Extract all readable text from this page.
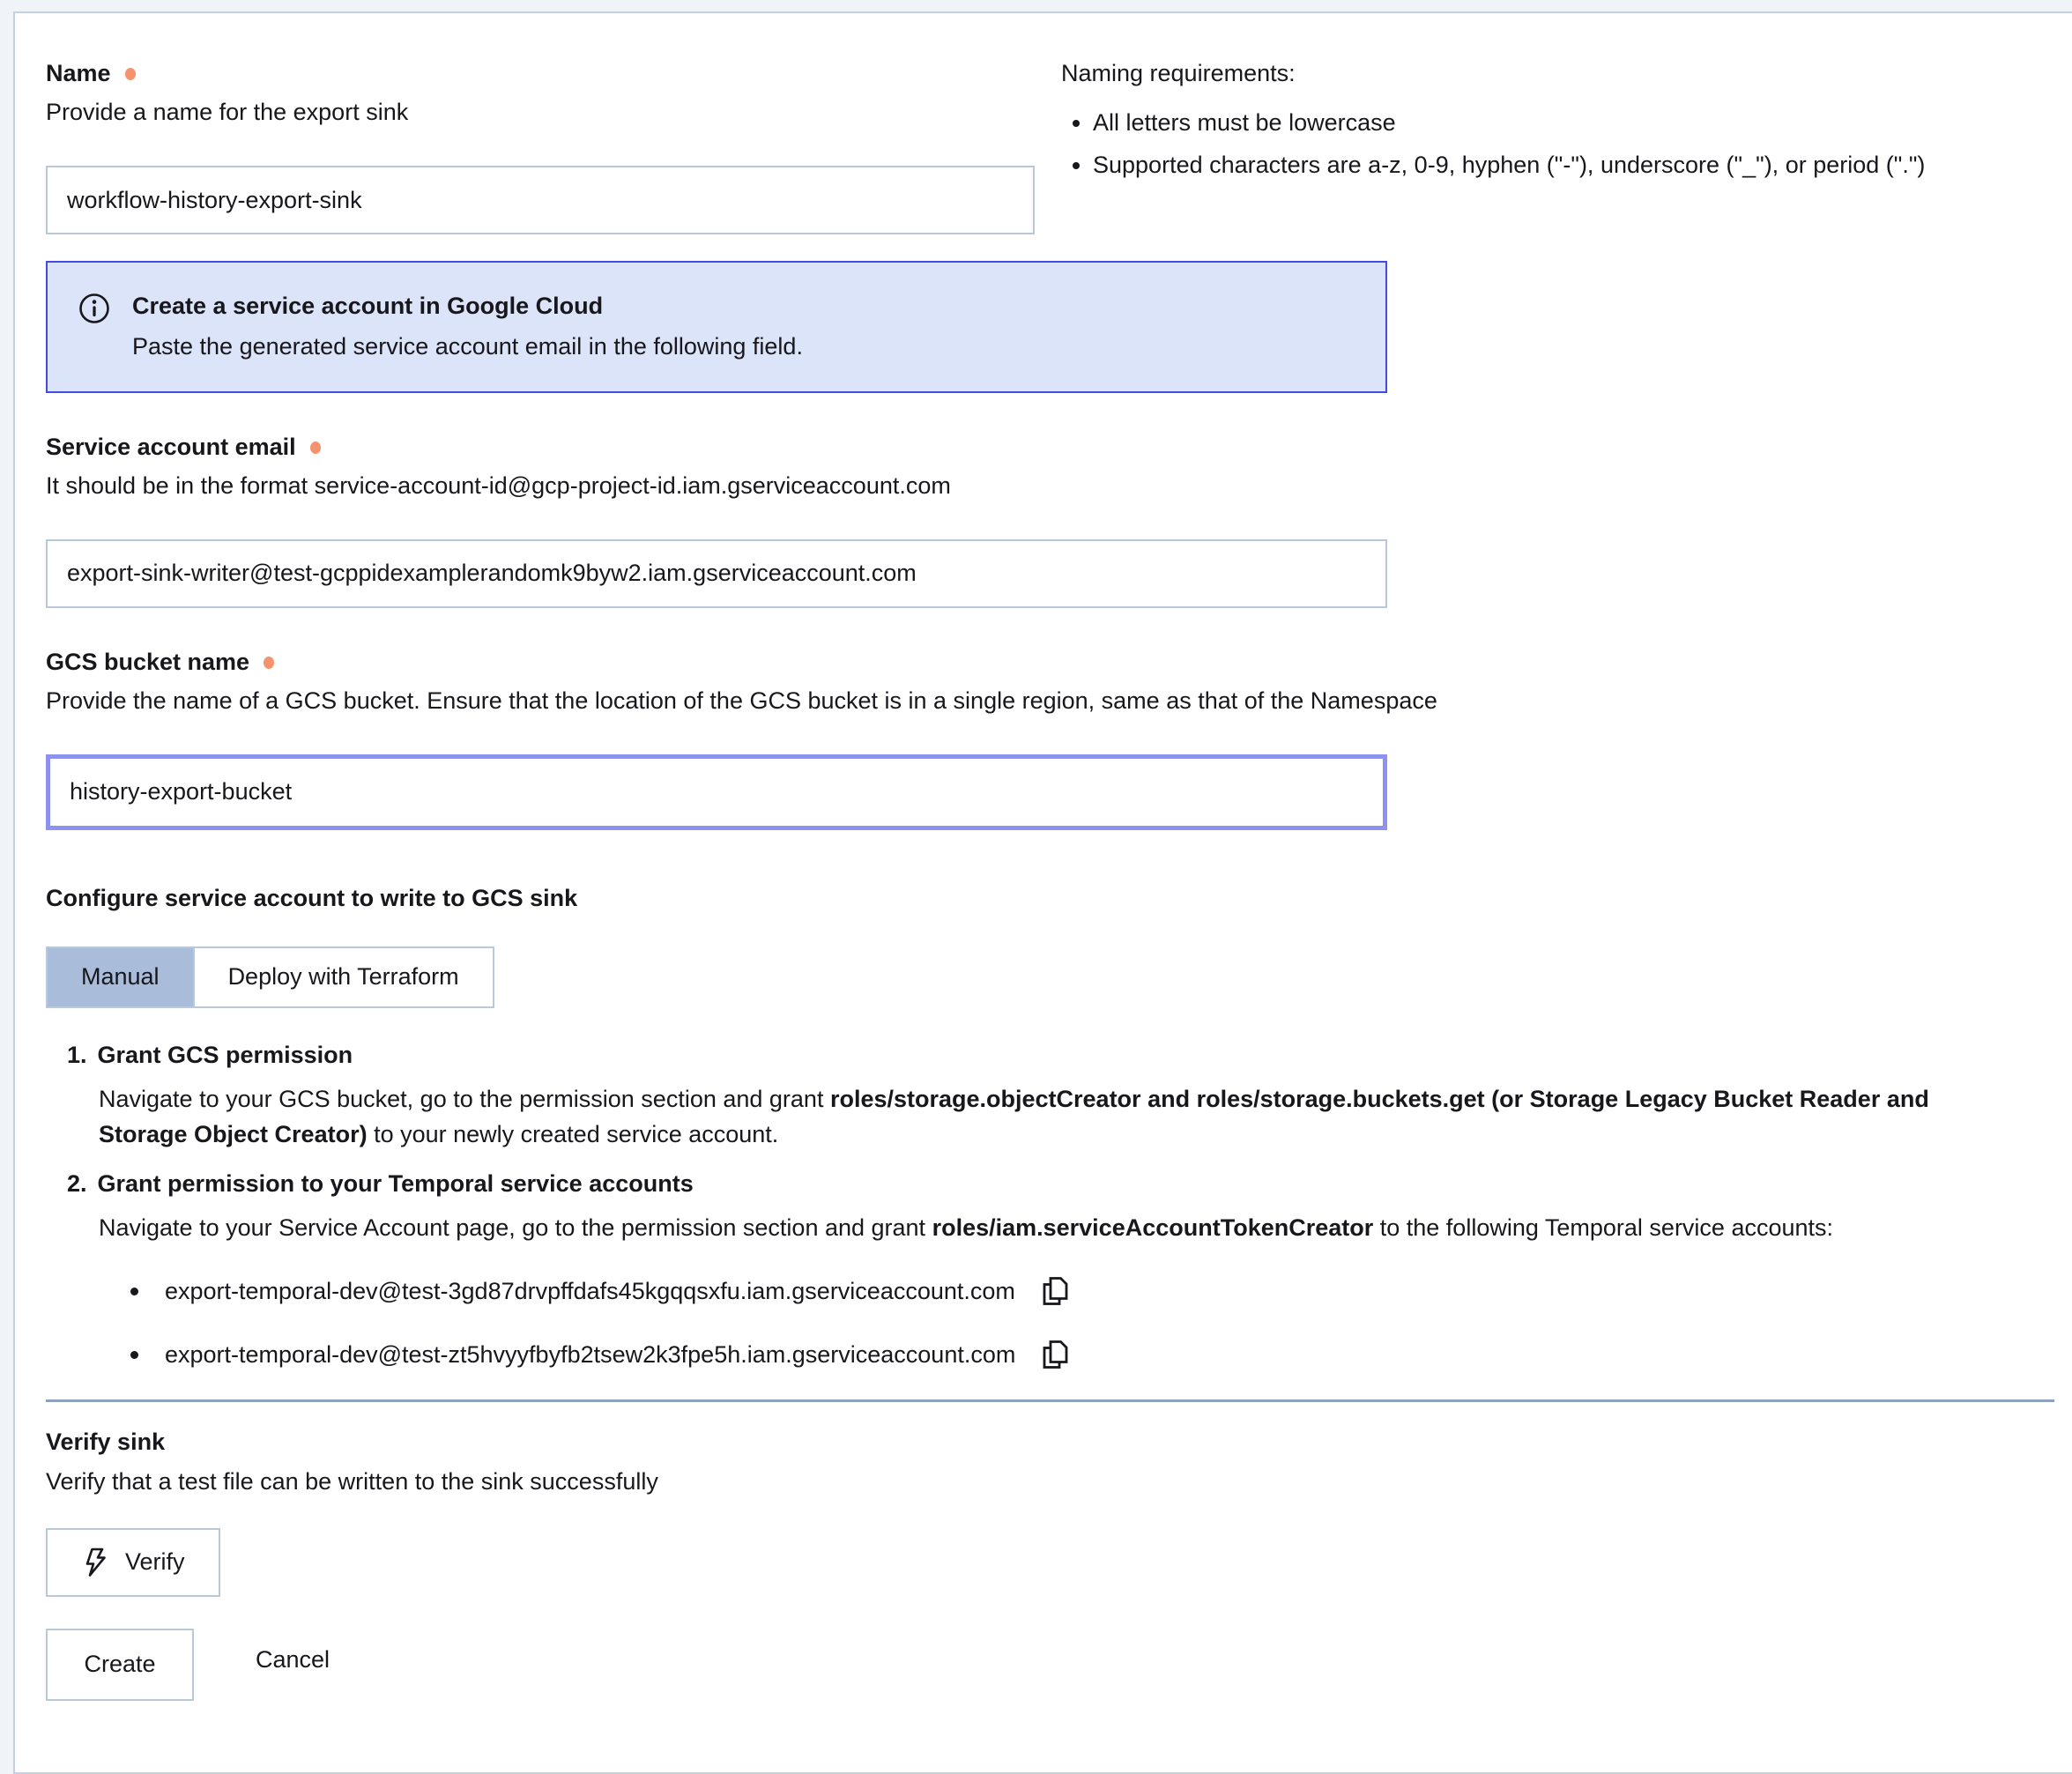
Name
Provide a name for the export sink
workflow-history-export-sink
Naming requirements:
• All letters must be lowercase
• Supported characters are a-z, 0-9, hyphen ("-"), underscore ("_"), or period (".")
Create a service account in Google Cloud
Paste the generated service account email in the following field.
Service account email
It should be in the format service-account-id@gcp-project-id.iam.gserviceaccount.com
export-sink-writer@test-gcppidexamplerandomk9byw2.iam.gserviceaccount.com
GCS bucket name
Provide the name of a GCS bucket. Ensure that the location of the GCS bucket is in a single region, same as that of the Namespace
history-export-bucket
Configure service account to write to GCS sink
Manual	Deploy with Terraform
1. Grant GCS permission

Navigate to your GCS bucket, go to the permission section and grant roles/storage.objectCreator and roles/storage.buckets.get (or Storage Legacy Bucket Reader and Storage Object Creator) to your newly created service account.

2. Grant permission to your Temporal service accounts

Navigate to your Service Account page, go to the permission section and grant roles/iam.serviceAccountTokenCreator to the following Temporal service accounts:

export-temporal-dev@test-3gd87drvpffdafs45kgqqsxfu.iam.gserviceaccount.com
export-temporal-dev@test-zt5hvyyfbyfb2tsew2k3fpe5h.iam.gserviceaccount.com
Verify sink
Verify that a test file can be written to the sink successfully
Verify
Create	Cancel
